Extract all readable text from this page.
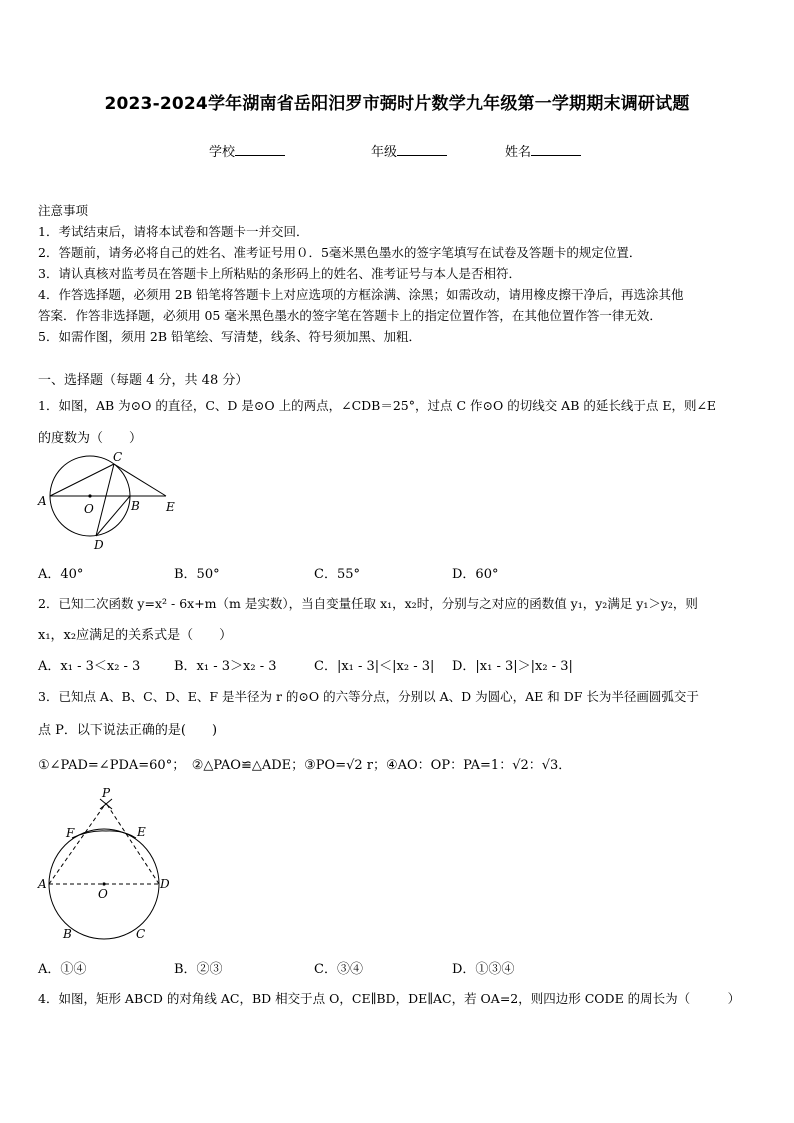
2023-2024学年湖南省岳阳汨罗市弼时片数学九年级第一学期期末调研试题
学校	年级	姓名
注意事项
1．考试结束后，请将本试卷和答题卡一并交回．
2．答题前，请务必将自己的姓名、准考证号用０．5毫米黑色墨水的签字笔填写在试卷及答题卡的规定位置．
3．请认真核对监考员在答题卡上所粘贴的条形码上的姓名、准考证号与本人是否相符．
4．作答选择题，必须用 2B 铅笔将答题卡上对应选项的方框涂满、涂黑；如需改动，请用橡皮擦干净后，再选涂其他
答案．作答非选择题，必须用 05 毫米黑色墨水的签字笔在答题卡上的指定位置作答，在其他位置作答一律无效．
5．如需作图，须用 2B 铅笔绘、写清楚，线条、符号须加黑、加粗．
一、选择题（每题 4 分，共 48 分）
1．如图，AB 为⊙O 的直径，C、D 是⊙O 上的两点，∠CDB＝25°，过点 C 作⊙O 的切线交 AB 的延长线于点 E，则∠E
的度数为（　　）
A
C
O	B E
D
A．40°	B．50°	C．55°	D．60°
2．已知二次函数 y=x² - 6x+m（m 是实数），当自变量任取 x₁，x₂时，分别与之对应的函数值 y₁，y₂满足 y₁＞y₂，则
x₁，x₂应满足的关系式是（　　）
A．x₁ - 3＜x₂ - 3	B．x₁ - 3＞x₂ - 3	C．|x₁ - 3|＜|x₂ - 3| D．|x₁ - 3|＞|x₂ - 3|
3．已知点 A、B、C、D、E、F 是半径为 r 的⊙O 的六等分点，分别以 A、D 为圆心，AE 和 DF 长为半径画圆弧交于
点 P．以下说法正确的是(　　)
①∠PAD=∠PDA=60°；　②△PAO≌△ADE；③PO=√2 r；④AO：OP：PA=1：√2：√3．
P
F	E
A
O
D
B	C
A．①④	B．②③	C．③④	D．①③④
4．如图，矩形 ABCD 的对角线 AC，BD 相交于点 O，CE∥BD，DE∥AC，若 OA=2，则四边形 CODE 的周长为（　　　）
